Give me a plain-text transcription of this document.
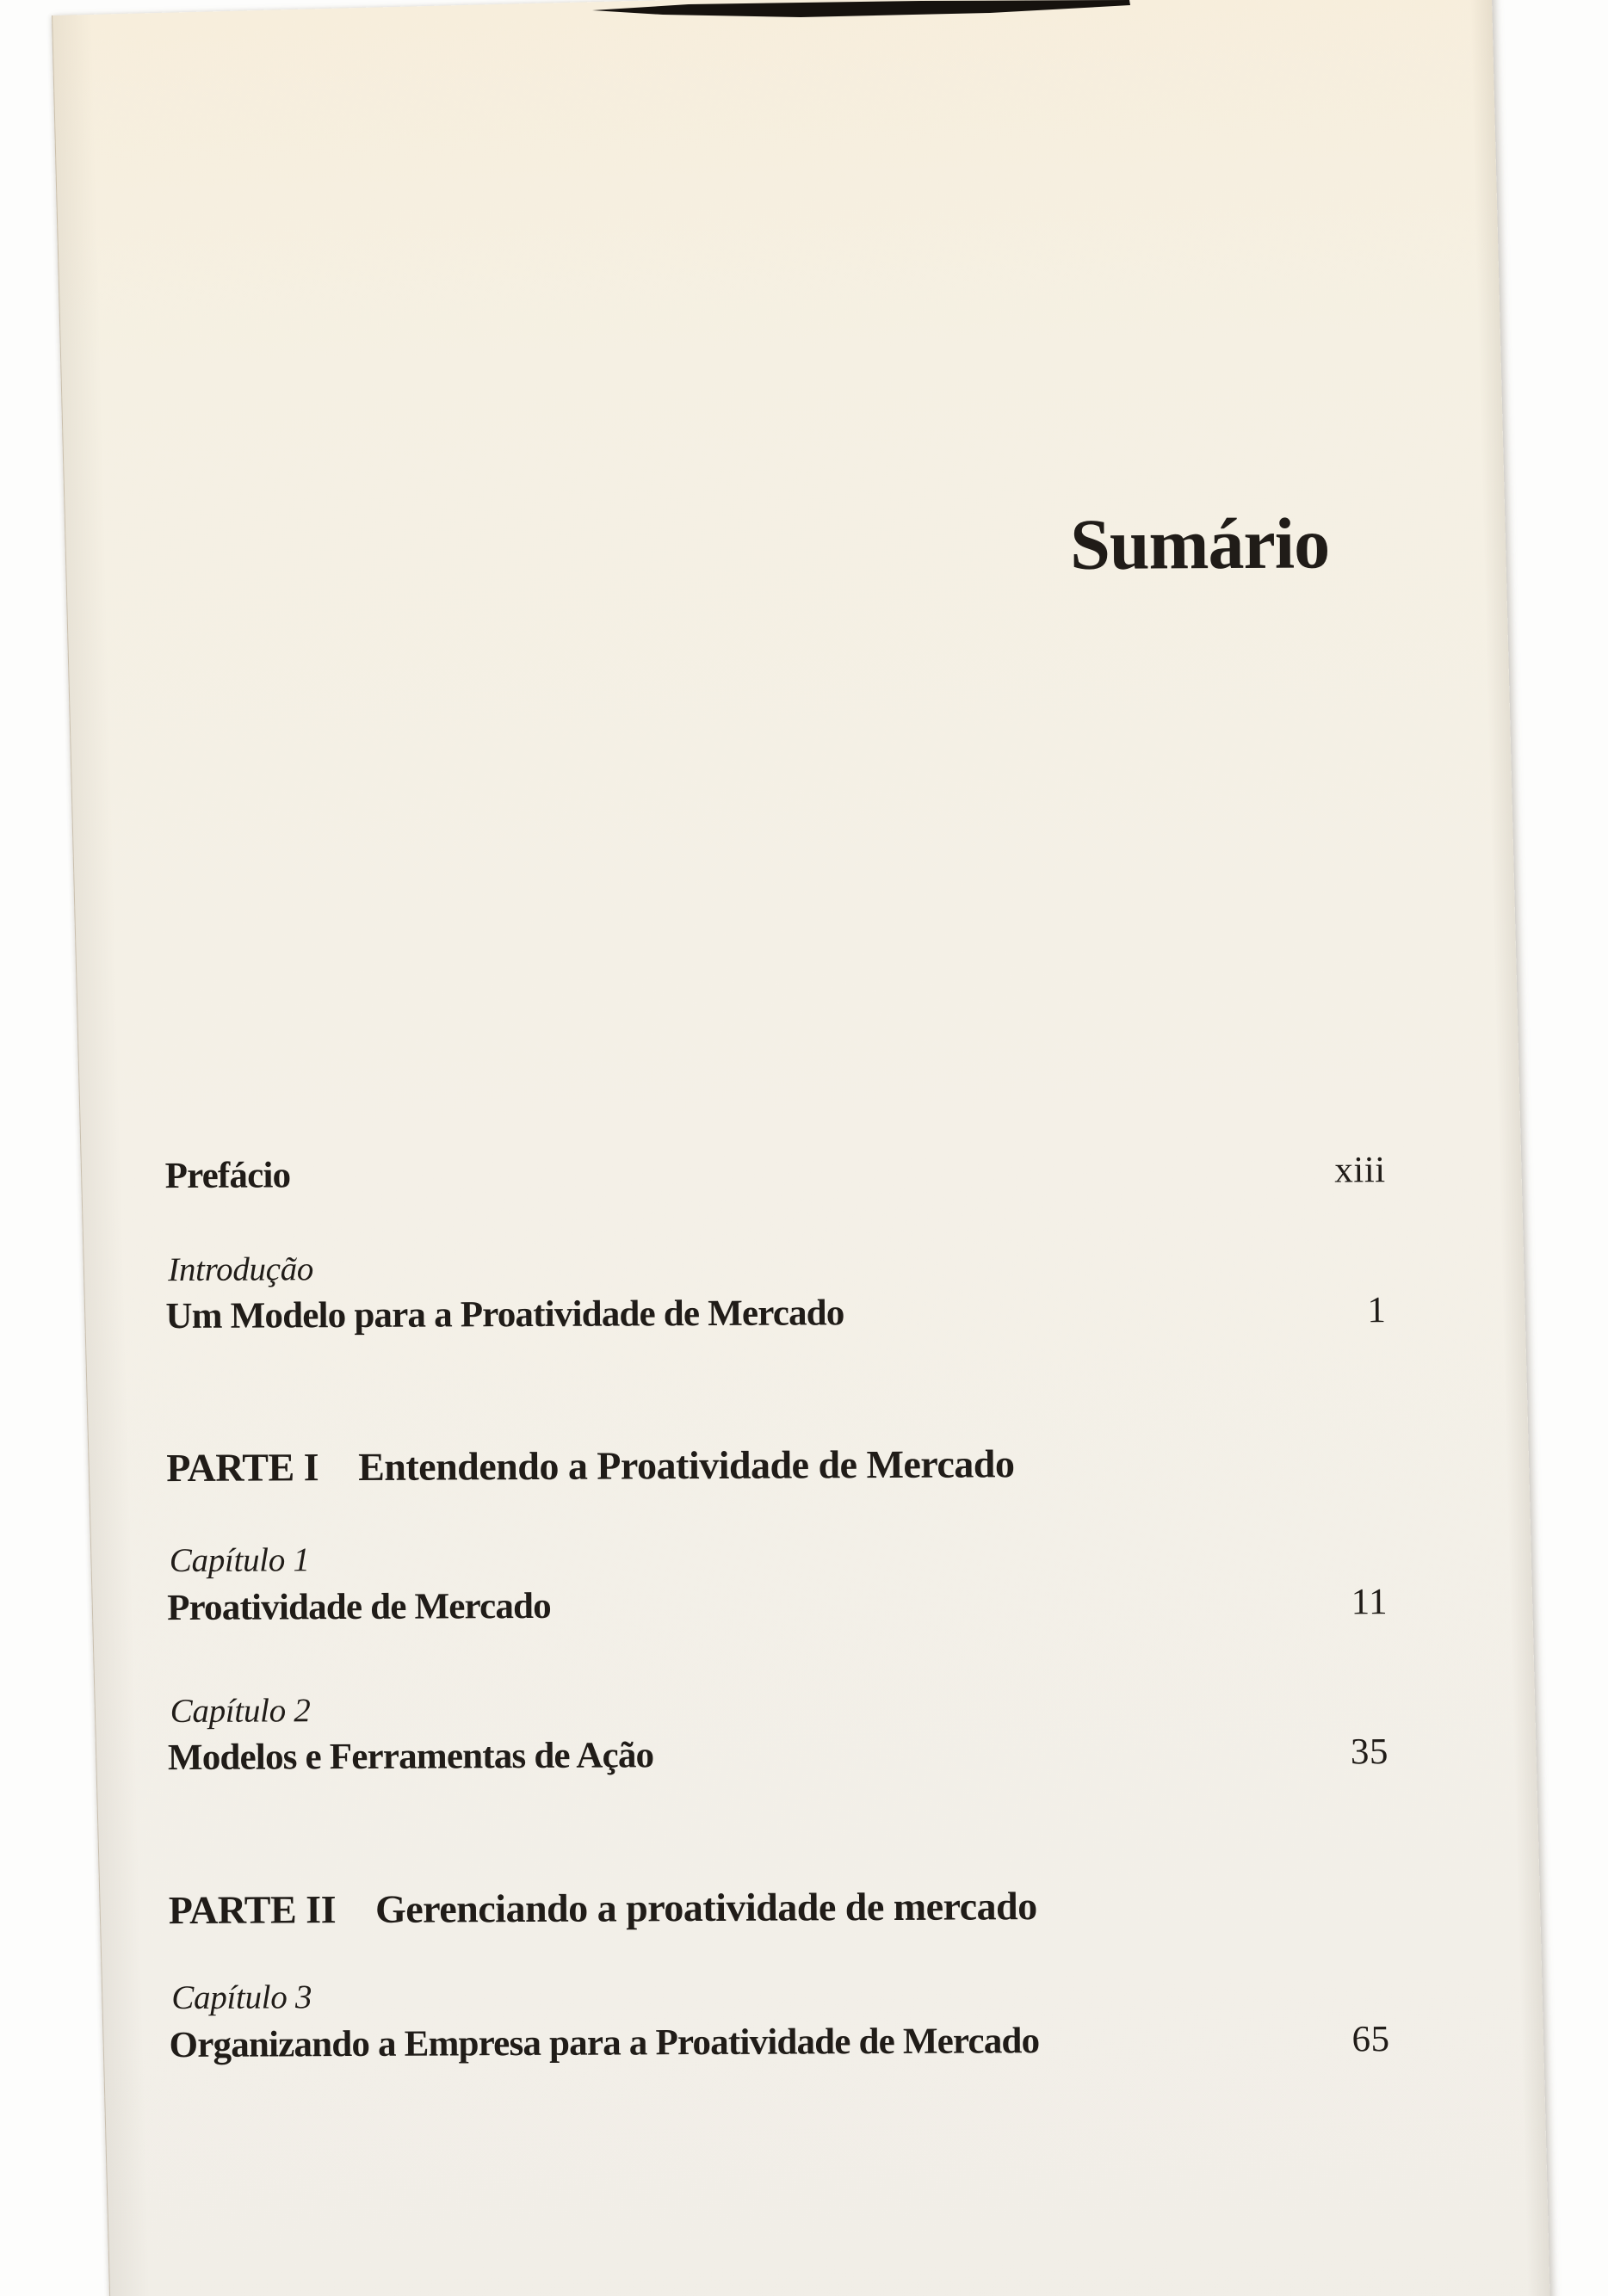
Sumário
Prefácio	xiii
Introdução
Um Modelo para a Proatividade de Mercado	1
PARTE I Entendendo a Proatividade de Mercado
Capítulo 1
Proatividade de Mercado	11
Capítulo 2
Modelos e Ferramentas de Ação	35
PARTE II Gerenciando a proatividade de mercado
Capítulo 3
Organizando a Empresa para a Proatividade de Mercado	65
